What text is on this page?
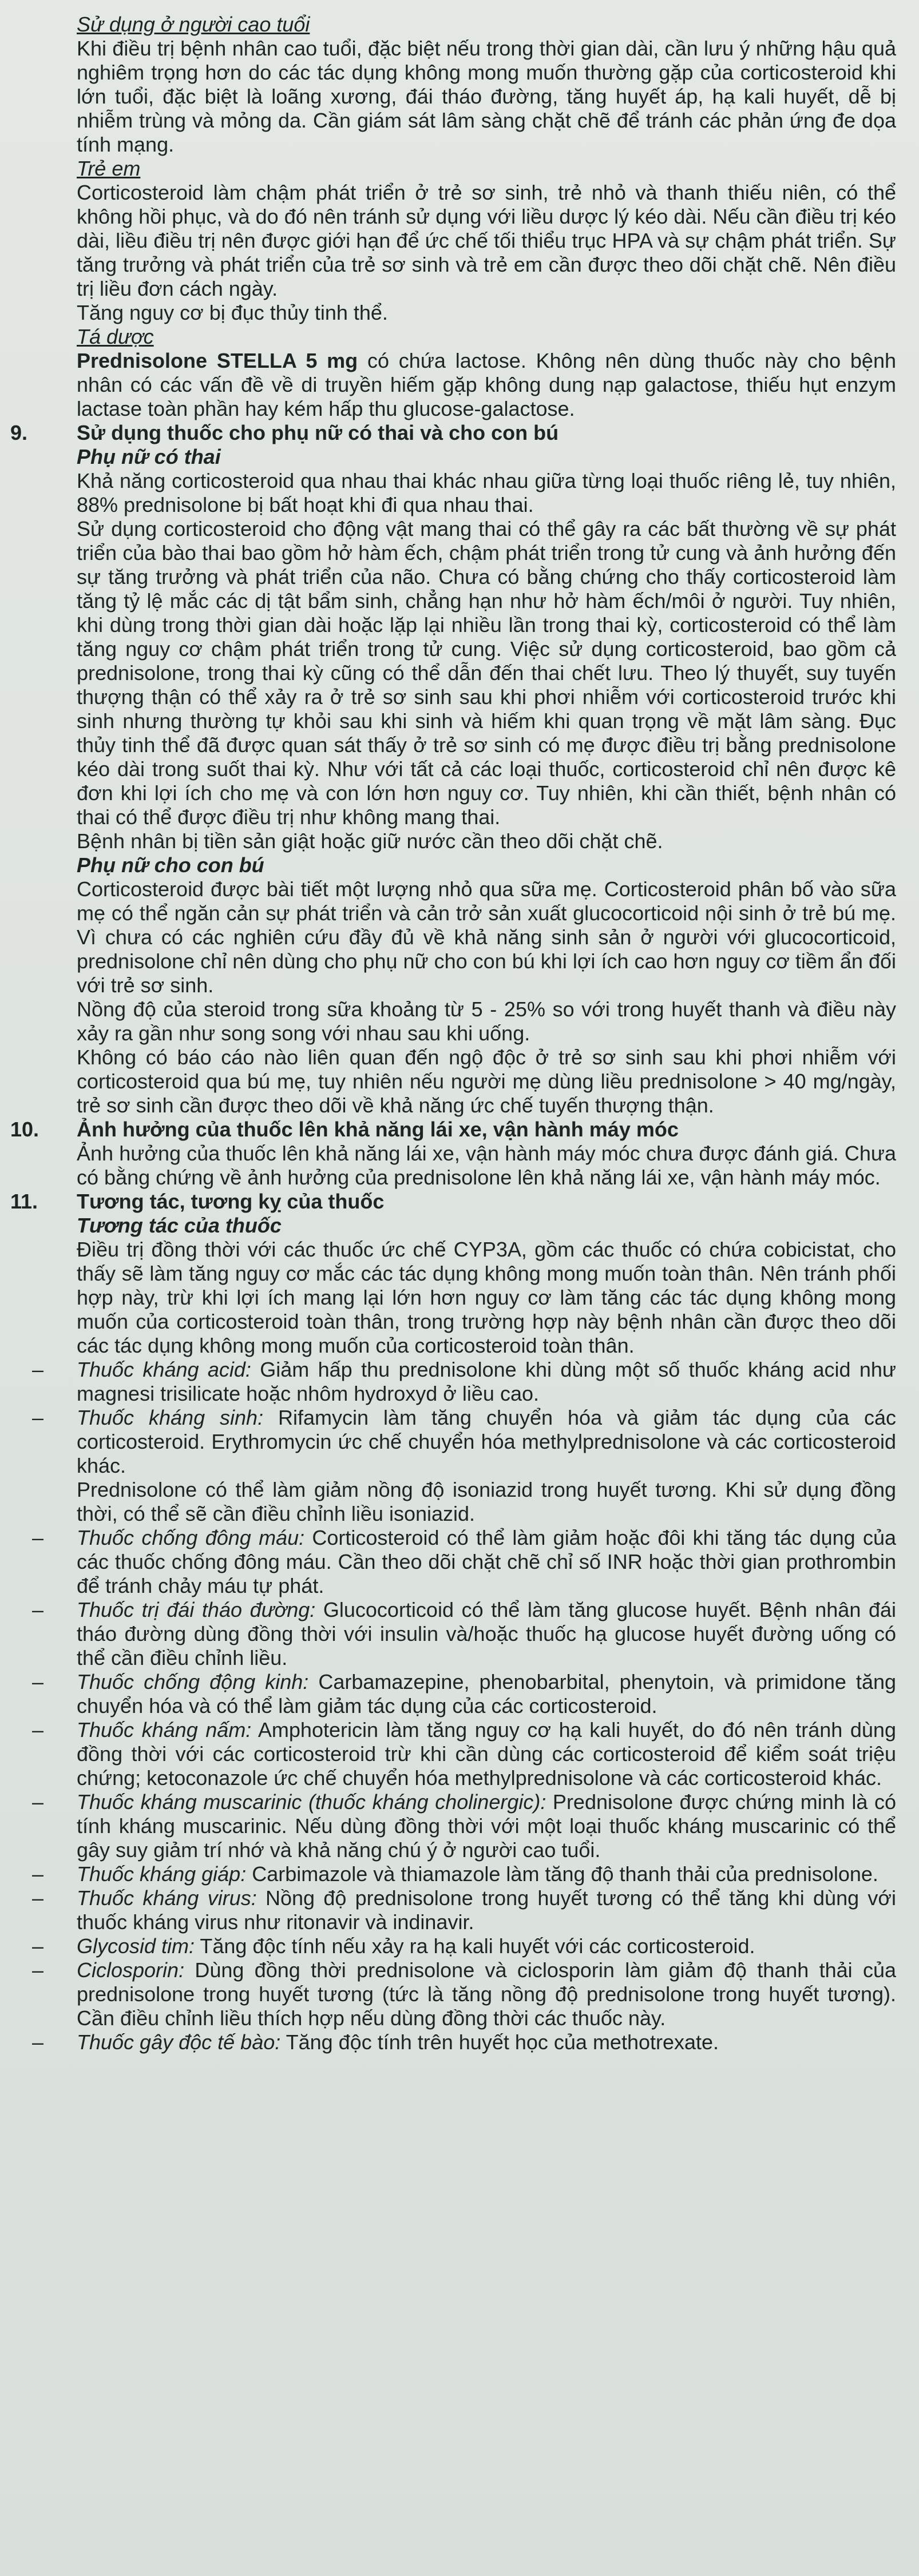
Sử dụng ở người cao tuổi

Khi điều trị bệnh nhân cao tuổi, đặc biệt nếu trong thời gian dài, cần lưu ý những hậu quả nghiêm trọng hơn do các tác dụng không mong muốn thường gặp của corticosteroid khi lớn tuổi, đặc biệt là loãng xương, đái tháo đường, tăng huyết áp, hạ kali huyết, dễ bị nhiễm trùng và mỏng da. Cần giám sát lâm sàng chặt chẽ để tránh các phản ứng đe dọa tính mạng.

Trẻ em

Corticosteroid làm chậm phát triển ở trẻ sơ sinh, trẻ nhỏ và thanh thiếu niên, có thể không hồi phục, và do đó nên tránh sử dụng với liều dược lý kéo dài. Nếu cần điều trị kéo dài, liều điều trị nên được giới hạn để ức chế tối thiểu trục HPA và sự chậm phát triển. Sự tăng trưởng và phát triển của trẻ sơ sinh và trẻ em cần được theo dõi chặt chẽ. Nên điều trị liều đơn cách ngày.

Tăng nguy cơ bị đục thủy tinh thể.

Tá dược

Prednisolone STELLA 5 mg có chứa lactose. Không nên dùng thuốc này cho bệnh nhân có các vấn đề về di truyền hiếm gặp không dung nạp galactose, thiếu hụt enzym lactase toàn phần hay kém hấp thu glucose-galactose.

9.	Sử dụng thuốc cho phụ nữ có thai và cho con bú

Phụ nữ có thai

Khả năng corticosteroid qua nhau thai khác nhau giữa từng loại thuốc riêng lẻ, tuy nhiên, 88% prednisolone bị bất hoạt khi đi qua nhau thai.

Sử dụng corticosteroid cho động vật mang thai có thể gây ra các bất thường về sự phát triển của bào thai bao gồm hở hàm ếch, chậm phát triển trong tử cung và ảnh hưởng đến sự tăng trưởng và phát triển của não. Chưa có bằng chứng cho thấy corticosteroid làm tăng tỷ lệ mắc các dị tật bẩm sinh, chẳng hạn như hở hàm ếch/môi ở người. Tuy nhiên, khi dùng trong thời gian dài hoặc lặp lại nhiều lần trong thai kỳ, corticosteroid có thể làm tăng nguy cơ chậm phát triển trong tử cung. Việc sử dụng corticosteroid, bao gồm cả prednisolone, trong thai kỳ cũng có thể dẫn đến thai chết lưu. Theo lý thuyết, suy tuyến thượng thận có thể xảy ra ở trẻ sơ sinh sau khi phơi nhiễm với corticosteroid trước khi sinh nhưng thường tự khỏi sau khi sinh và hiếm khi quan trọng về mặt lâm sàng. Đục thủy tinh thể đã được quan sát thấy ở trẻ sơ sinh có mẹ được điều trị bằng prednisolone kéo dài trong suốt thai kỳ. Như với tất cả các loại thuốc, corticosteroid chỉ nên được kê đơn khi lợi ích cho mẹ và con lớn hơn nguy cơ. Tuy nhiên, khi cần thiết, bệnh nhân có thai có thể được điều trị như không mang thai.

Bệnh nhân bị tiền sản giật hoặc giữ nước cần theo dõi chặt chẽ.

Phụ nữ cho con bú

Corticosteroid được bài tiết một lượng nhỏ qua sữa mẹ. Corticosteroid phân bố vào sữa mẹ có thể ngăn cản sự phát triển và cản trở sản xuất glucocorticoid nội sinh ở trẻ bú mẹ. Vì chưa có các nghiên cứu đầy đủ về khả năng sinh sản ở người với glucocorticoid, prednisolone chỉ nên dùng cho phụ nữ cho con bú khi lợi ích cao hơn nguy cơ tiềm ẩn đối với trẻ sơ sinh.

Nồng độ của steroid trong sữa khoảng từ 5 - 25% so với trong huyết thanh và điều này xảy ra gần như song song với nhau sau khi uống.

Không có báo cáo nào liên quan đến ngộ độc ở trẻ sơ sinh sau khi phơi nhiễm với corticosteroid qua bú mẹ, tuy nhiên nếu người mẹ dùng liều prednisolone > 40 mg/ngày, trẻ sơ sinh cần được theo dõi về khả năng ức chế tuyến thượng thận.

10.	Ảnh hưởng của thuốc lên khả năng lái xe, vận hành máy móc

Ảnh hưởng của thuốc lên khả năng lái xe, vận hành máy móc chưa được đánh giá. Chưa có bằng chứng về ảnh hưởng của prednisolone lên khả năng lái xe, vận hành máy móc.

11.	Tương tác, tương kỵ của thuốc

Tương tác của thuốc

Điều trị đồng thời với các thuốc ức chế CYP3A, gồm các thuốc có chứa cobicistat, cho thấy sẽ làm tăng nguy cơ mắc các tác dụng không mong muốn toàn thân. Nên tránh phối hợp này, trừ khi lợi ích mang lại lớn hơn nguy cơ làm tăng các tác dụng không mong muốn của corticosteroid toàn thân, trong trường hợp này bệnh nhân cần được theo dõi các tác dụng không mong muốn của corticosteroid toàn thân.

–	Thuốc kháng acid: Giảm hấp thu prednisolone khi dùng một số thuốc kháng acid như magnesi trisilicate hoặc nhôm hydroxyd ở liều cao.

–	Thuốc kháng sinh: Rifamycin làm tăng chuyển hóa và giảm tác dụng của các corticosteroid. Erythromycin ức chế chuyển hóa methylprednisolone và các corticosteroid khác.

Prednisolone có thể làm giảm nồng độ isoniazid trong huyết tương. Khi sử dụng đồng thời, có thể sẽ cần điều chỉnh liều isoniazid.

–	Thuốc chống đông máu: Corticosteroid có thể làm giảm hoặc đôi khi tăng tác dụng của các thuốc chống đông máu. Cần theo dõi chặt chẽ chỉ số INR hoặc thời gian prothrombin để tránh chảy máu tự phát.

–	Thuốc trị đái tháo đường: Glucocorticoid có thể làm tăng glucose huyết. Bệnh nhân đái tháo đường dùng đồng thời với insulin và/hoặc thuốc hạ glucose huyết đường uống có thể cần điều chỉnh liều.

–	Thuốc chống động kinh: Carbamazepine, phenobarbital, phenytoin, và primidone tăng chuyển hóa và có thể làm giảm tác dụng của các corticosteroid.

–	Thuốc kháng nấm: Amphotericin làm tăng nguy cơ hạ kali huyết, do đó nên tránh dùng đồng thời với các corticosteroid trừ khi cần dùng các corticosteroid để kiểm soát triệu chứng; ketoconazole ức chế chuyển hóa methylprednisolone và các corticosteroid khác.

–	Thuốc kháng muscarinic (thuốc kháng cholinergic): Prednisolone được chứng minh là có tính kháng muscarinic. Nếu dùng đồng thời với một loại thuốc kháng muscarinic có thể gây suy giảm trí nhớ và khả năng chú ý ở người cao tuổi.

–	Thuốc kháng giáp: Carbimazole và thiamazole làm tăng độ thanh thải của prednisolone.

–	Thuốc kháng virus: Nồng độ prednisolone trong huyết tương có thể tăng khi dùng với thuốc kháng virus như ritonavir và indinavir.

–	Glycosid tim: Tăng độc tính nếu xảy ra hạ kali huyết với các corticosteroid.

–	Ciclosporin: Dùng đồng thời prednisolone và ciclosporin làm giảm độ thanh thải của prednisolone trong huyết tương (tức là tăng nồng độ prednisolone trong huyết tương). Cần điều chỉnh liều thích hợp nếu dùng đồng thời các thuốc này.

–	Thuốc gây độc tế bào: Tăng độc tính trên huyết học của methotrexate.
